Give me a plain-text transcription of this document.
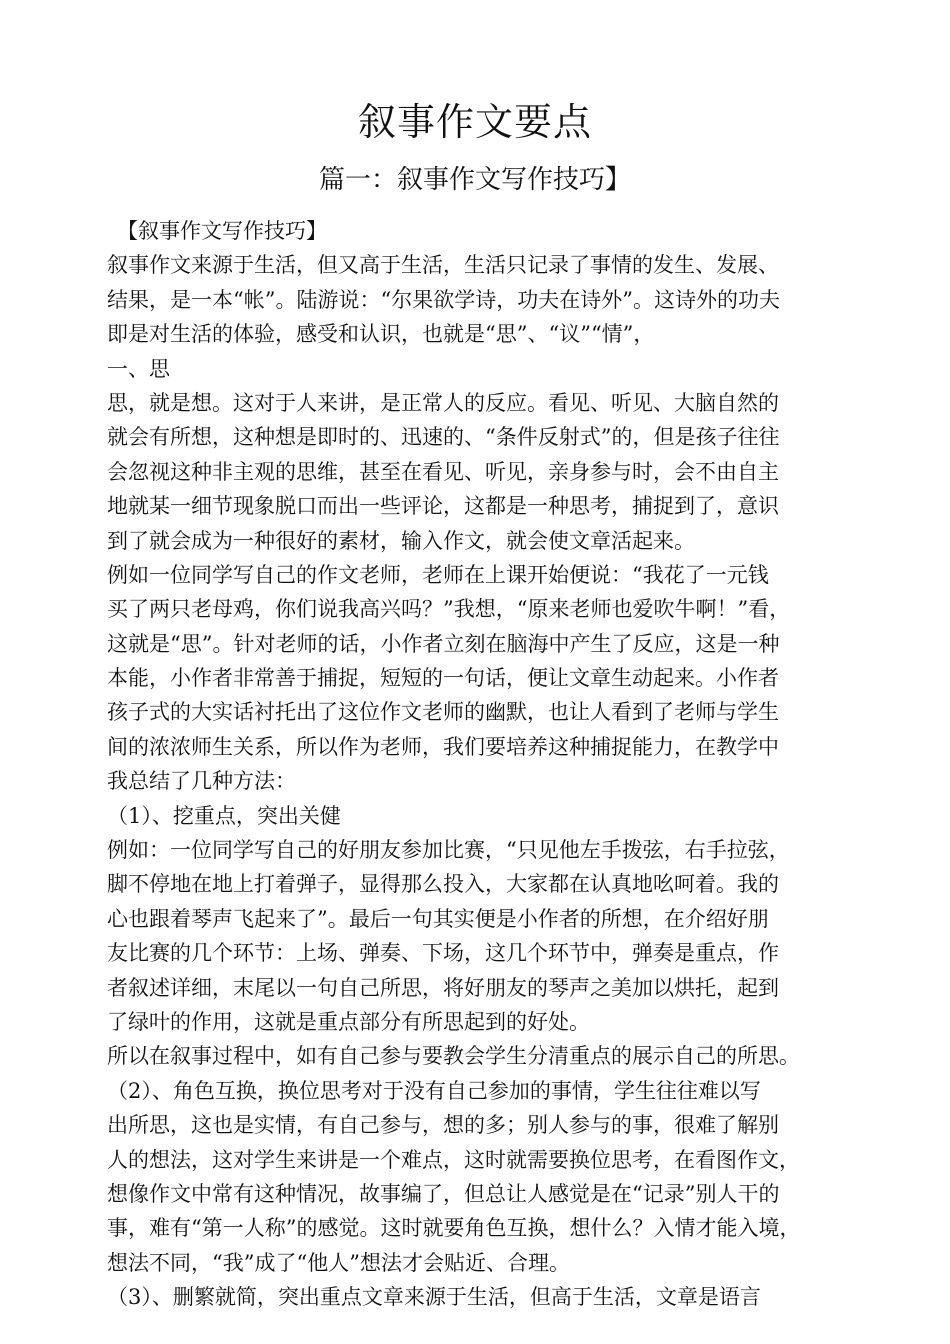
叙事作文要点
篇一：叙事作文写作技巧】
【叙事作文写作技巧】
叙事作文来源于生活，但又高于生活，生活只记录了事情的发生、发展、
结果，是一本“帐”。陆游说：“尔果欲学诗，功夫在诗外”。这诗外的功夫
即是对生活的体验，感受和认识，也就是“思”、“议”“情”，
一、思
思，就是想。这对于人来讲，是正常人的反应。看见、听见、大脑自然的
就会有所想，这种想是即时的、迅速的、“条件反射式”的，但是孩子往往
会忽视这种非主观的思维，甚至在看见、听见，亲身参与时，会不由自主
地就某一细节现象脱口而出一些评论，这都是一种思考，捕捉到了，意识
到了就会成为一种很好的素材，输入作文，就会使文章活起来。
例如一位同学写自己的作文老师，老师在上课开始便说：“我花了一元钱
买了两只老母鸡，你们说我高兴吗？”我想，“原来老师也爱吹牛啊！”看，
这就是“思”。针对老师的话，小作者立刻在脑海中产生了反应，这是一种
本能，小作者非常善于捕捉，短短的一句话，便让文章生动起来。小作者
孩子式的大实话衬托出了这位作文老师的幽默，也让人看到了老师与学生
间的浓浓师生关系，所以作为老师，我们要培养这种捕捉能力，在教学中
我总结了几种方法：
（1）、挖重点，突出关健
例如：一位同学写自己的好朋友参加比赛，“只见他左手拨弦，右手拉弦，
脚不停地在地上打着弹子，显得那么投入，大家都在认真地吆呵着。我的
心也跟着琴声飞起来了”。最后一句其实便是小作者的所想，在介绍好朋
友比赛的几个环节：上场、弹奏、下场，这几个环节中，弹奏是重点，作
者叙述详细，末尾以一句自己所思，将好朋友的琴声之美加以烘托，起到
了绿叶的作用，这就是重点部分有所思起到的好处。
所以在叙事过程中，如有自己参与要教会学生分清重点的展示自己的所思。
（2）、角色互换，换位思考对于没有自己参加的事情，学生往往难以写
出所思，这也是实情，有自己参与，想的多；别人参与的事，很难了解别
人的想法，这对学生来讲是一个难点，这时就需要换位思考，在看图作文，
想像作文中常有这种情况，故事编了，但总让人感觉是在“记录”别人干的
事，难有“第一人称”的感觉。这时就要角色互换，想什么？入情才能入境，
想法不同，“我”成了“他人”想法才会贴近、合理。
（3）、删繁就简，突出重点文章来源于生活，但高于生活，文章是语言
